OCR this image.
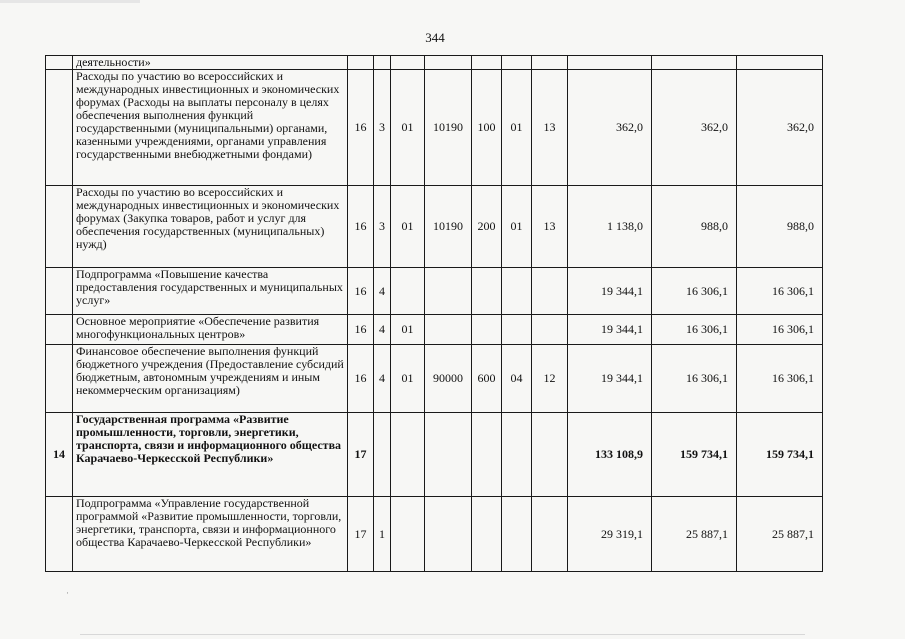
344
	деятельности»										
	Расходы по участию во всероссийских и международных инвестиционных и экономических форумах (Расходы на выплаты персоналу в целях обеспечения выполнения функций государственными (муниципальными) органами, казенными учреждениями, органами управления государственными внебюджетными фондами)	16	3	01	10190	100	01	13	362,0	362,0	362,0
	Расходы по участию во всероссийских и международных инвестиционных и экономических форумах (Закупка товаров, работ и услуг для обеспечения государственных (муниципальных) нужд)	16	3	01	10190	200	01	13	1 138,0	988,0	988,0
	Подпрограмма «Повышение качества предоставления государственных и муниципальных услуг»	16	4						19 344,1	16 306,1	16 306,1
	Основное мероприятие «Обеспечение развития многофункциональных центров»	16	4	01					19 344,1	16 306,1	16 306,1
	Финансовое обеспечение выполнения функций бюджетного учреждения (Предоставление субсидий бюджетным, автономным учреждениям и иным некоммерческим организациям)	16	4	01	90000	600	04	12	19 344,1	16 306,1	16 306,1
14	Государственная программа «Развитие промышленности, торговли, энергетики, транспорта, связи и информационного общества Карачаево-Черкесской Республики»	17							133 108,9	159 734,1	159 734,1
	Подпрограмма «Управление государственной программой «Развитие промышленности, торговли, энергетики, транспорта, связи и информационного общества Карачаево-Черкесской Республики»	17	1						29 319,1	25 887,1	25 887,1
·
